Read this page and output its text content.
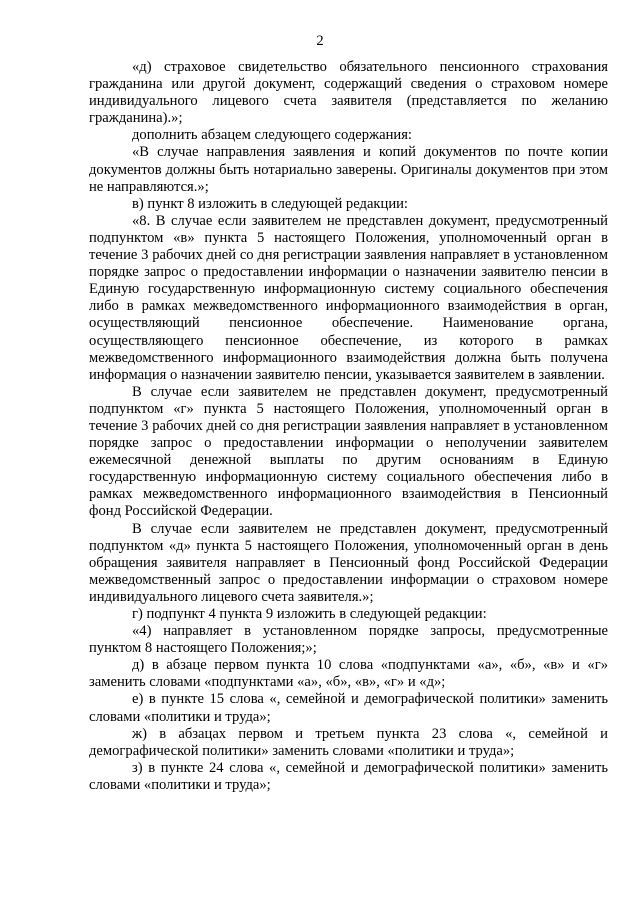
2

«д) страховое свидетельство обязательного пенсионного страхования гражданина или другой документ, содержащий сведения о страховом номере индивидуального лицевого счета заявителя (представляется по желанию гражданина).»;

дополнить абзацем следующего содержания:

«В случае направления заявления и копий документов по почте копии документов должны быть нотариально заверены. Оригиналы документов при этом не направляются.»;

в) пункт 8 изложить в следующей редакции:

«8. В случае если заявителем не представлен документ, предусмотренный подпунктом «в» пункта 5 настоящего Положения, уполномоченный орган в течение 3 рабочих дней со дня регистрации заявления направляет в установленном порядке запрос о предоставлении информации о назначении заявителю пенсии в Единую государственную информационную систему социального обеспечения либо в рамках межведомственного информационного взаимодействия в орган, осуществляющий пенсионное обеспечение. Наименование органа, осуществляющего пенсионное обеспечение, из которого в рамках межведомственного информационного взаимодействия должна быть получена информация о назначении заявителю пенсии, указывается заявителем в заявлении.

В случае если заявителем не представлен документ, предусмотренный подпунктом «г» пункта 5 настоящего Положения, уполномоченный орган в течение 3 рабочих дней со дня регистрации заявления направляет в установленном порядке запрос о предоставлении информации о неполучении заявителем ежемесячной денежной выплаты по другим основаниям в Единую государственную информационную систему социального обеспечения либо в рамках межведомственного информационного взаимодействия в Пенсионный фонд Российской Федерации.

В случае если заявителем не представлен документ, предусмотренный подпунктом «д» пункта 5 настоящего Положения, уполномоченный орган в день обращения заявителя направляет в Пенсионный фонд Российской Федерации межведомственный запрос о предоставлении информации о страховом номере индивидуального лицевого счета заявителя.»;

г) подпункт 4 пункта 9 изложить в следующей редакции:

«4) направляет в установленном порядке запросы, предусмотренные пунктом 8 настоящего Положения;»;

д) в абзаце первом пункта 10 слова «подпунктами «а», «б», «в» и «г» заменить словами «подпунктами «а», «б», «в», «г» и «д»;

е) в пункте 15 слова «, семейной и демографической политики» заменить словами «политики и труда»;

ж) в абзацах первом и третьем пункта 23 слова «, семейной и демографической политики» заменить словами «политики и труда»;

з) в пункте 24 слова «, семейной и демографической политики» заменить словами «политики и труда»;
